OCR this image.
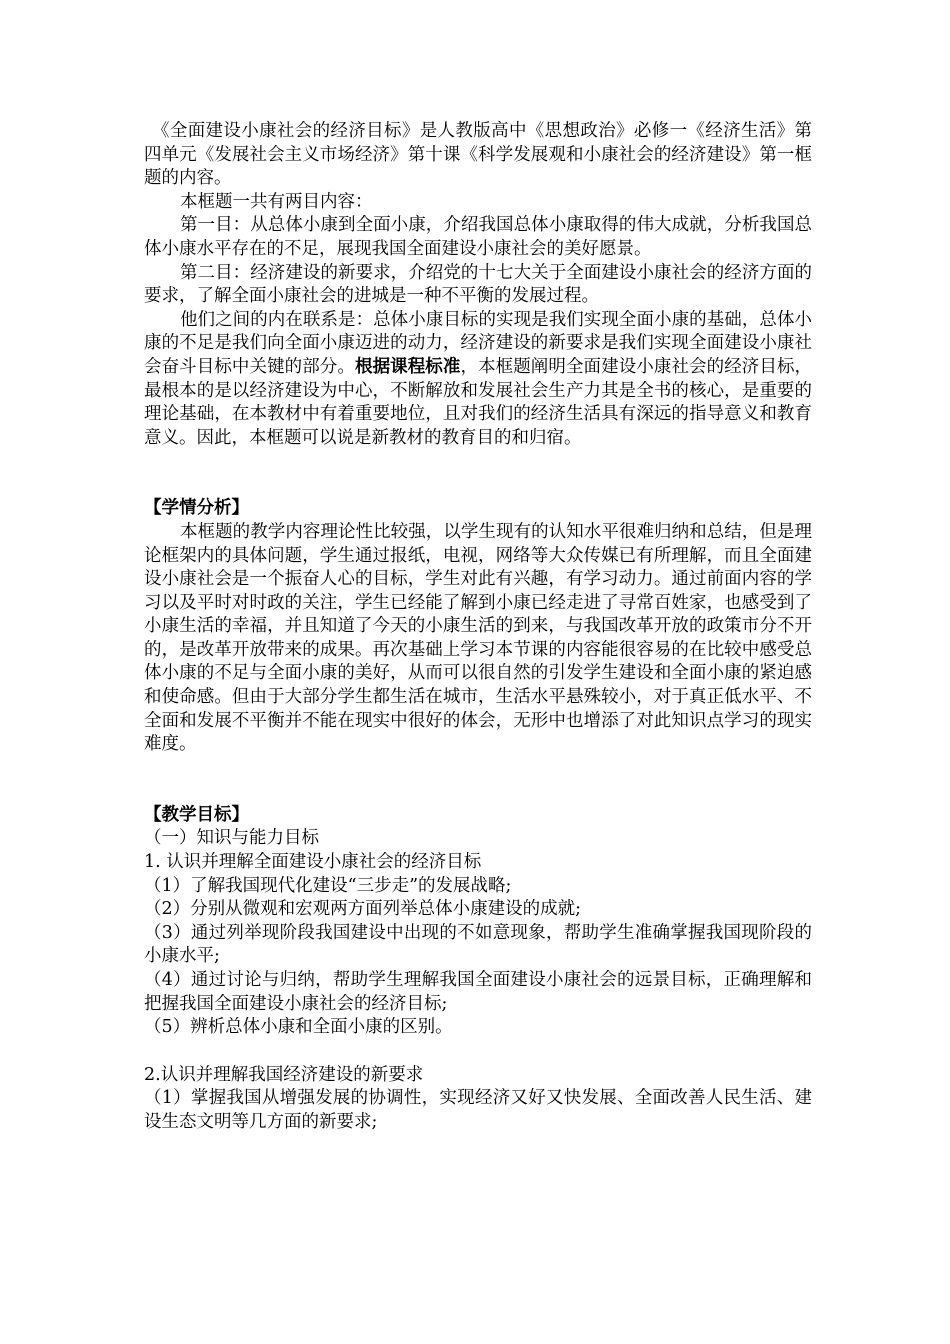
《全面建设小康社会的经济目标》是人教版高中《思想政治》必修一《经济生活》第四单元《发展社会主义市场经济》第十课《科学发展观和小康社会的经济建设》第一框题的内容。

本框题一共有两目内容：

第一目：从总体小康到全面小康，介绍我国总体小康取得的伟大成就，分析我国总体小康水平存在的不足，展现我国全面建设小康社会的美好愿景。

第二目：经济建设的新要求，介绍党的十七大关于全面建设小康社会的经济方面的要求，了解全面小康社会的进城是一种不平衡的发展过程。

他们之间的内在联系是：总体小康目标的实现是我们实现全面小康的基础，总体小康的不足是我们向全面小康迈进的动力，经济建设的新要求是我们实现全面建设小康社会奋斗目标中关键的部分。根据课程标准，本框题阐明全面建设小康社会的经济目标，最根本的是以经济建设为中心，不断解放和发展社会生产力其是全书的核心，是重要的理论基础，在本教材中有着重要地位，且对我们的经济生活具有深远的指导意义和教育意义。因此，本框题可以说是新教材的教育目的和归宿。

【学情分析】

本框题的教学内容理论性比较强，以学生现有的认知水平很难归纳和总结，但是理论框架内的具体问题，学生通过报纸，电视，网络等大众传媒已有所理解，而且全面建设小康社会是一个振奋人心的目标，学生对此有兴趣，有学习动力。通过前面内容的学习以及平时对时政的关注，学生已经能了解到小康已经走进了寻常百姓家，也感受到了小康生活的幸福，并且知道了今天的小康生活的到来，与我国改革开放的政策市分不开的，是改革开放带来的成果。再次基础上学习本节课的内容能很容易的在比较中感受总体小康的不足与全面小康的美好，从而可以很自然的引发学生建设和全面小康的紧迫感和使命感。但由于大部分学生都生活在城市，生活水平悬殊较小，对于真正低水平、不全面和发展不平衡并不能在现实中很好的体会，无形中也增添了对此知识点学习的现实难度。

【教学目标】

（一）知识与能力目标

1. 认识并理解全面建设小康社会的经济目标

（1）了解我国现代化建设“三步走”的发展战略;

（2）分别从微观和宏观两方面列举总体小康建设的成就;

（3）通过列举现阶段我国建设中出现的不如意现象，帮助学生准确掌握我国现阶段的小康水平;

（4）通过讨论与归纳，帮助学生理解我国全面建设小康社会的远景目标，正确理解和把握我国全面建设小康社会的经济目标;

（5）辨析总体小康和全面小康的区别。

2.认识并理解我国经济建设的新要求

（1）掌握我国从增强发展的协调性，实现经济又好又快发展、全面改善人民生活、建设生态文明等几方面的新要求;
